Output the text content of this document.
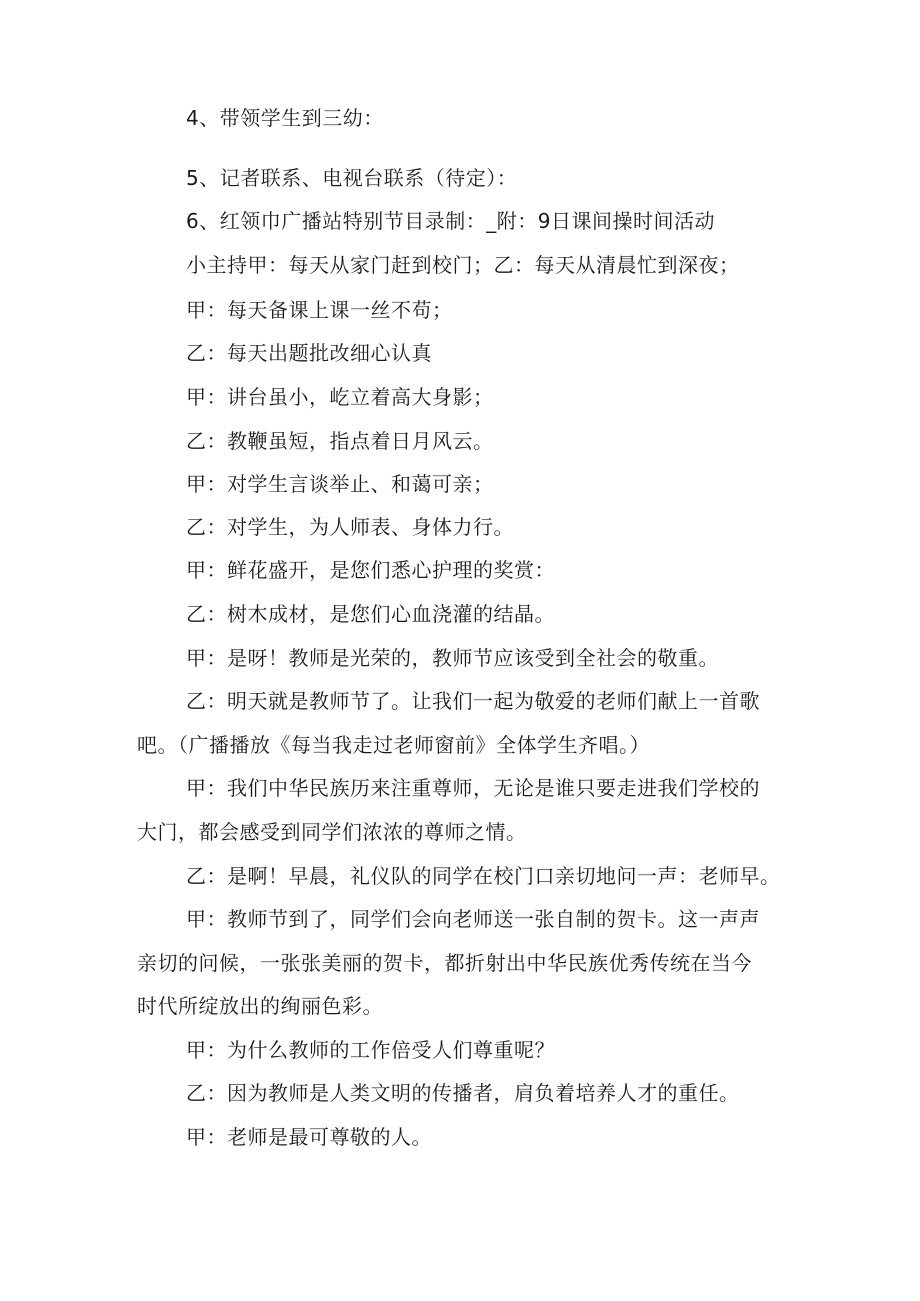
4、带领学生到三幼：
5、记者联系、电视台联系（待定）：
6、红领巾广播站特别节目录制：_附：9日课间操时间活动
小主持甲：每天从家门赶到校门；乙：每天从清晨忙到深夜；
甲：每天备课上课一丝不苟；
乙：每天出题批改细心认真
甲：讲台虽小，屹立着高大身影；
乙：教鞭虽短，指点着日月风云。
甲：对学生言谈举止、和蔼可亲；
乙：对学生，为人师表、身体力行。
甲：鲜花盛开，是您们悉心护理的奖赏：
乙：树木成材，是您们心血浇灌的结晶。
甲：是呀！教师是光荣的，教师节应该受到全社会的敬重。
乙：明天就是教师节了。让我们一起为敬爱的老师们献上一首歌
吧。（广播播放《每当我走过老师窗前》全体学生齐唱。）
甲：我们中华民族历来注重尊师，无论是谁只要走进我们学校的
大门，都会感受到同学们浓浓的尊师之情。
乙：是啊！早晨，礼仪队的同学在校门口亲切地问一声：老师早。
甲：教师节到了，同学们会向老师送一张自制的贺卡。这一声声
亲切的问候，一张张美丽的贺卡，都折射出中华民族优秀传统在当今
时代所绽放出的绚丽色彩。
甲：为什么教师的工作倍受人们尊重呢？
乙：因为教师是人类文明的传播者，肩负着培养人才的重任。
甲：老师是最可尊敬的人。
